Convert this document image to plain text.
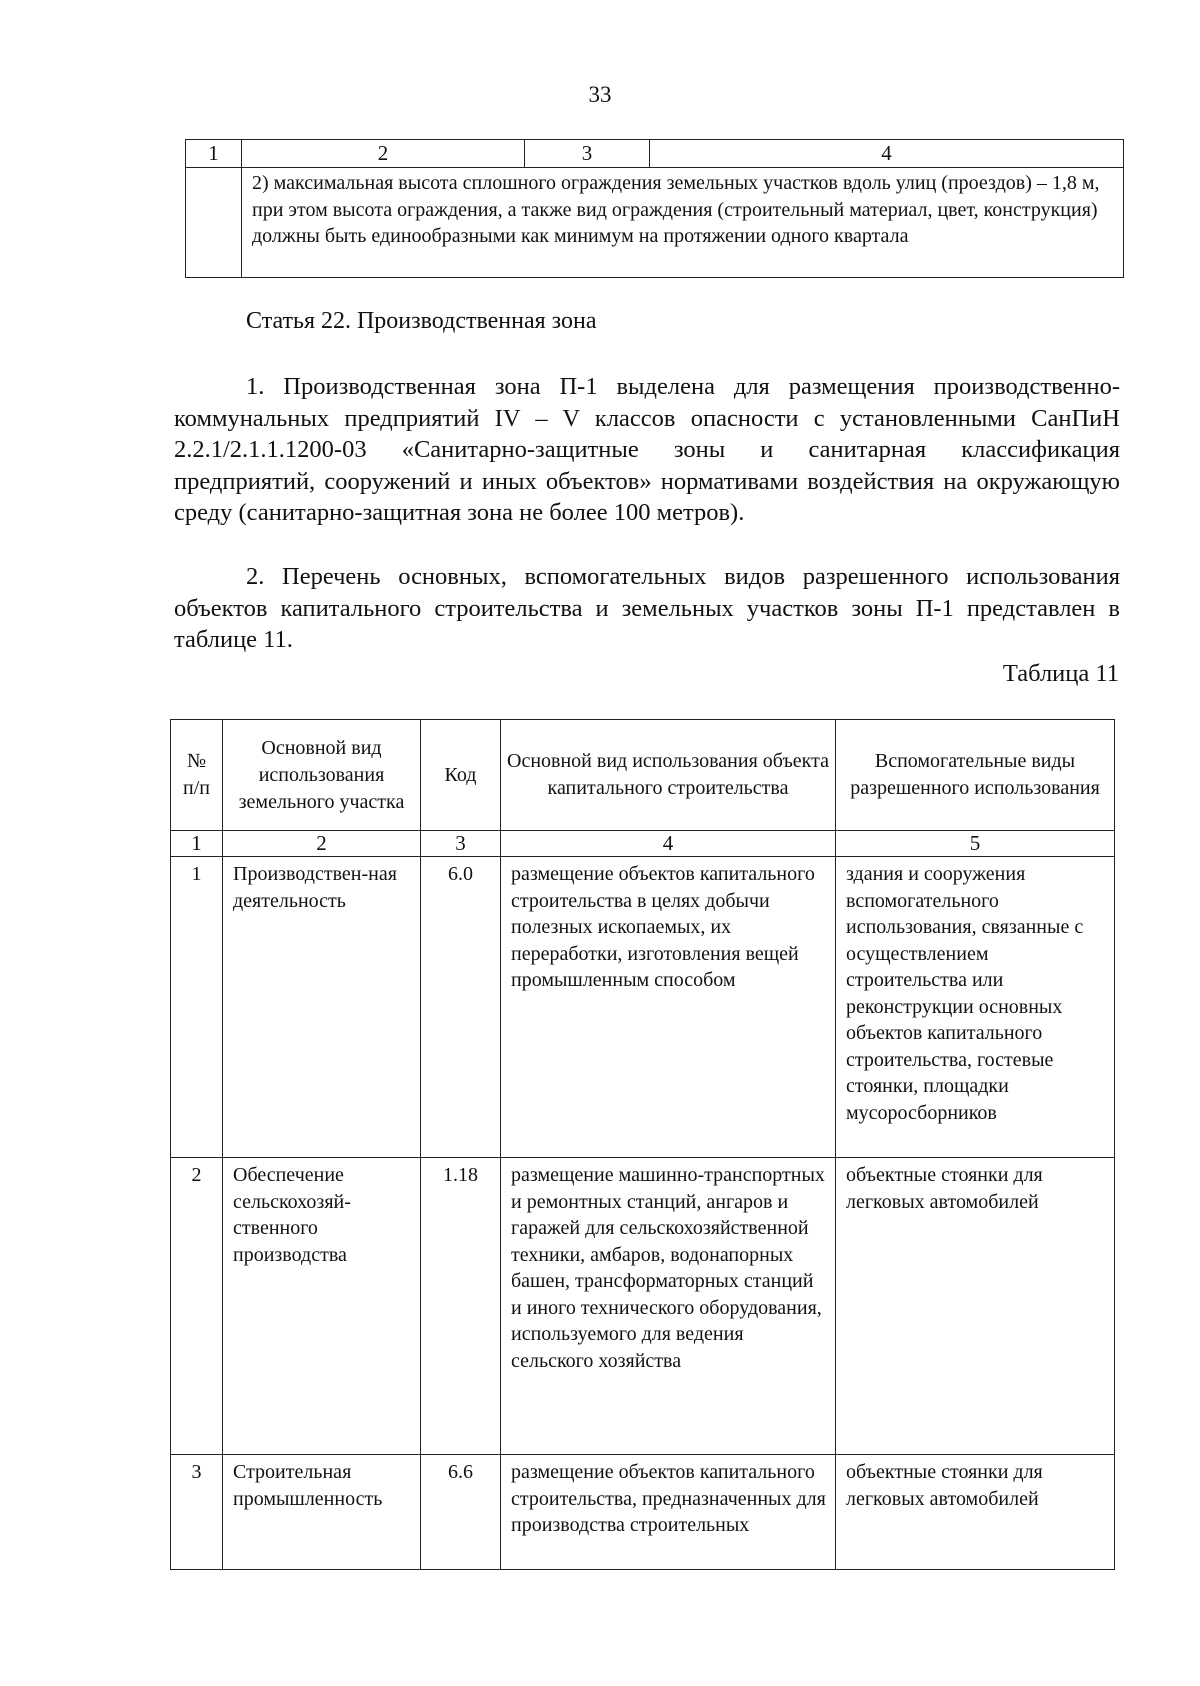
33
1	2	3	4
	2) максимальная высота сплошного ограждения земельных участков вдоль улиц (проездов) – 1,8 м, при этом высота ограждения, а также вид ограждения (строительный материал, цвет, конструкция) должны быть единообразными как минимум на протяжении одного квартала		
Статья 22. Производственная зона
1. Производственная зона П-1 выделена для размещения производственно-коммунальных предприятий IV – V классов опасности с установленными СанПиН 2.2.1/2.1.1.1200-03 «Санитарно-защитные зоны и санитарная классификация предприятий, сооружений и иных объектов» нормативами воздействия на окружающую среду (санитарно-защитная зона не более 100 метров).
2. Перечень основных, вспомогательных видов разрешенного использования объектов капитального строительства и земельных участков зоны П-1 представлен в таблице 11.
Таблица 11
№ п/п	Основной вид использования земельного участка	Код	Основной вид использования объекта капитального строительства	Вспомогательные виды разрешенного использования
1	2	3	4	5
1	Производствен-ная деятельность	6.0	размещение объектов капитального строительства в целях добычи полезных ископаемых, их переработки, изготовления вещей промышленным способом	здания и сооружения вспомогательного использования, связанные с осуществлением строительства или реконструкции основных объектов капитального строительства, гостевые стоянки, площадки мусоросборников
2	Обеспечение сельскохозяй-ственного производства	1.18	размещение машинно-транспортных и ремонтных станций, ангаров и гаражей для сельскохозяйственной техники, амбаров, водонапорных башен, трансформаторных станций и иного технического оборудования, используемого для ведения сельского хозяйства	объектные стоянки для легковых автомобилей
3	Строительная промышленность	6.6	размещение объектов капитального строительства, предназначенных для производства строительных	объектные стоянки для легковых автомобилей
